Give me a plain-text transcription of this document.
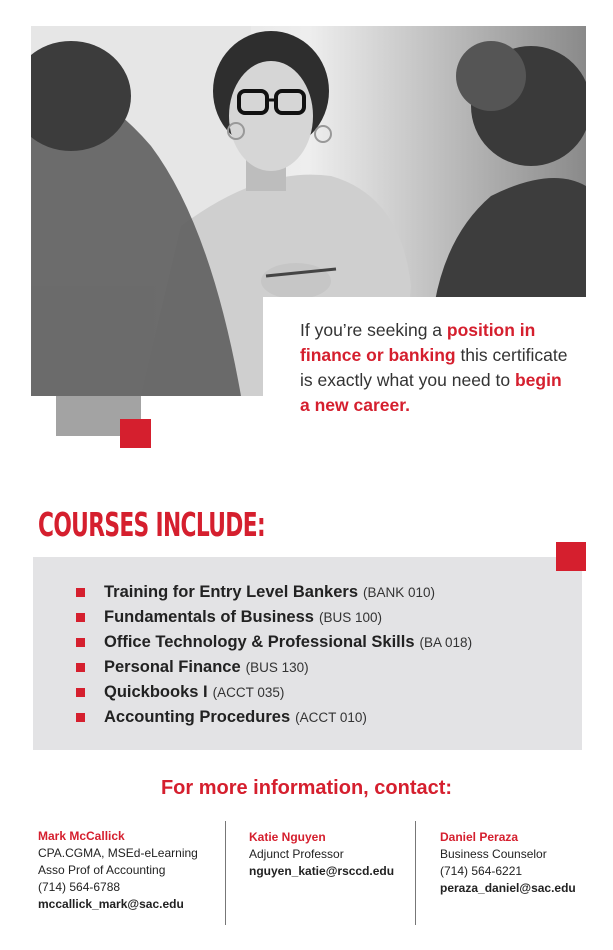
If you’re seeking a position in finance or banking this certificate is exactly what you need to begin a new career.
COURSES INCLUDE:
Training for Entry Level Bankers (BANK 010)
Fundamentals of Business (BUS 100)
Office Technology & Professional Skills (BA 018)
Personal Finance (BUS 130)
Quickbooks I (ACCT 035)
Accounting Procedures (ACCT 010)
For more information, contact:
Mark McCallick
CPA.CGMA, MSEd-eLearning
Asso Prof of Accounting
(714) 564-6788
mccallick_mark@sac.edu
Katie Nguyen
Adjunct Professor
nguyen_katie@rsccd.edu
Daniel Peraza
Business Counselor
(714) 564-6221
peraza_daniel@sac.edu
